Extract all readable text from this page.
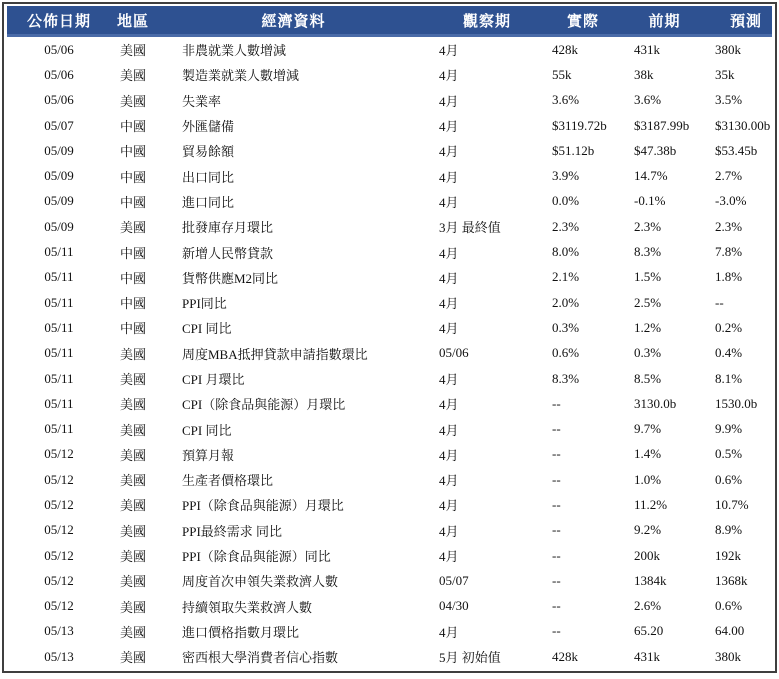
公佈日期	地區	經濟資料	觀察期	實際	前期	預測
05/06	美國	非農就業人數增減	4月	428k	431k	380k
05/06	美國	製造業就業人數增減	4月	55k	38k	35k
05/06	美國	失業率	4月	3.6%	3.6%	3.5%
05/07	中國	外匯儲備	4月	$3119.72b	$3187.99b	$3130.00b
05/09	中國	貿易餘額	4月	$51.12b	$47.38b	$53.45b
05/09	中國	出口同比	4月	3.9%	14.7%	2.7%
05/09	中國	進口同比	4月	0.0%	-0.1%	-3.0%
05/09	美國	批發庫存月環比	3月 最終值	2.3%	2.3%	2.3%
05/11	中國	新增人民幣貸款	4月	8.0%	8.3%	7.8%
05/11	中國	貨幣供應M2同比	4月	2.1%	1.5%	1.8%
05/11	中國	PPI同比	4月	2.0%	2.5%	--
05/11	中國	CPI 同比	4月	0.3%	1.2%	0.2%
05/11	美國	周度MBA抵押貸款申請指數環比	05/06	0.6%	0.3%	0.4%
05/11	美國	CPI 月環比	4月	8.3%	8.5%	8.1%
05/11	美國	CPI（除食品與能源）月環比	4月	--	3130.0b	1530.0b
05/11	美國	CPI 同比	4月	--	9.7%	9.9%
05/12	美國	預算月報	4月	--	1.4%	0.5%
05/12	美國	生產者價格環比	4月	--	1.0%	0.6%
05/12	美國	PPI（除食品與能源）月環比	4月	--	11.2%	10.7%
05/12	美國	PPI最終需求 同比	4月	--	9.2%	8.9%
05/12	美國	PPI（除食品與能源）同比	4月	--	200k	192k
05/12	美國	周度首次申領失業救濟人數	05/07	--	1384k	1368k
05/12	美國	持續領取失業救濟人數	04/30	--	2.6%	0.6%
05/13	美國	進口價格指數月環比	4月	--	65.20	64.00
05/13	美國	密西根大學消費者信心指數	5月 初始值	428k	431k	380k
